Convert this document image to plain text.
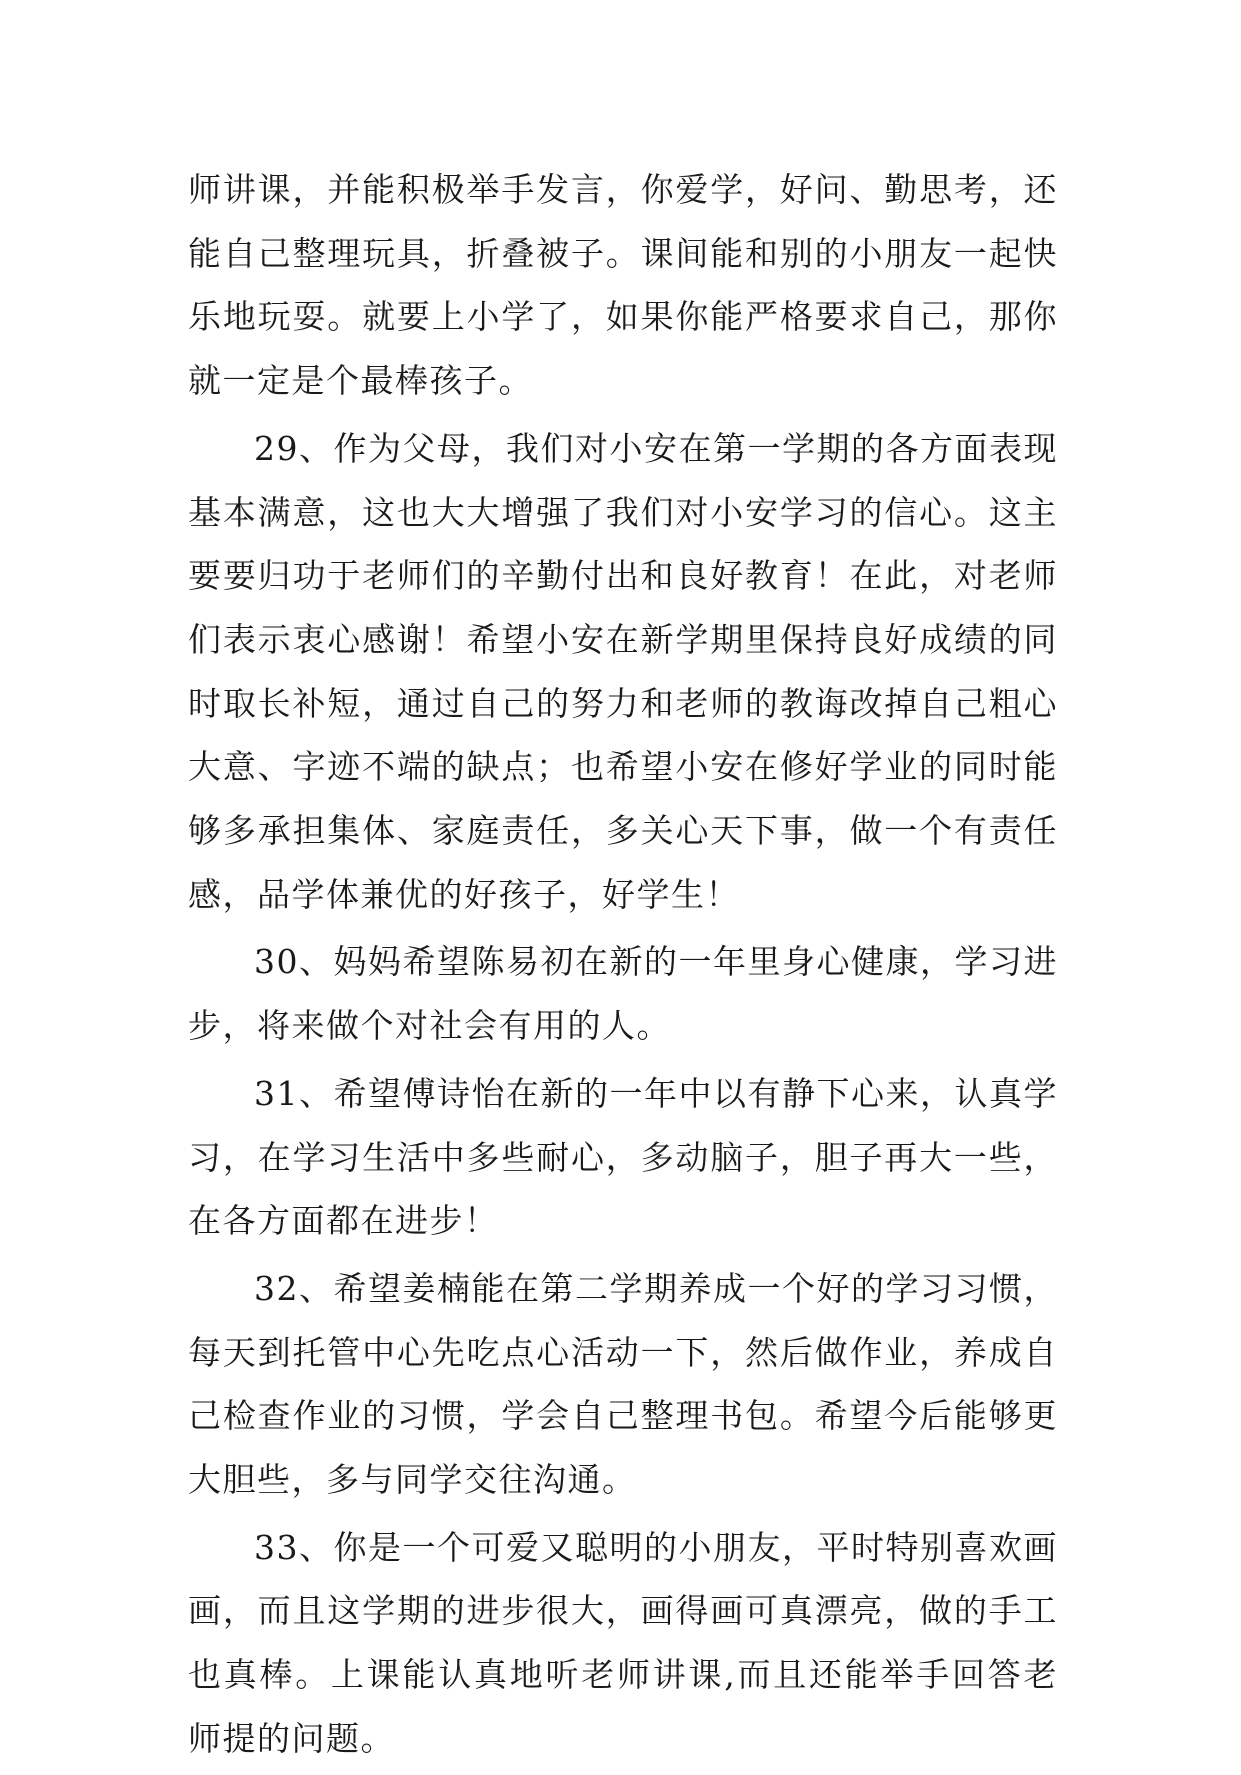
师讲课，并能积极举手发言，你爱学，好问、勤思考，还能自己整理玩具，折叠被子。课间能和别的小朋友一起快乐地玩耍。就要上小学了，如果你能严格要求自己，那你就一定是个最棒孩子。

29、作为父母，我们对小安在第一学期的各方面表现基本满意，这也大大增强了我们对小安学习的信心。这主要要归功于老师们的辛勤付出和良好教育！在此，对老师们表示衷心感谢！希望小安在新学期里保持良好成绩的同时取长补短，通过自己的努力和老师的教诲改掉自己粗心大意、字迹不端的缺点；也希望小安在修好学业的同时能够多承担集体、家庭责任，多关心天下事，做一个有责任感，品学体兼优的好孩子，好学生！

30、妈妈希望陈易初在新的一年里身心健康，学习进步，将来做个对社会有用的人。

31、希望傅诗怡在新的一年中以有静下心来，认真学习，在学习生活中多些耐心，多动脑子，胆子再大一些，在各方面都在进步！

32、希望姜楠能在第二学期养成一个好的学习习惯，每天到托管中心先吃点心活动一下，然后做作业，养成自己检查作业的习惯，学会自己整理书包。希望今后能够更大胆些，多与同学交往沟通。

33、你是一个可爱又聪明的小朋友，平时特别喜欢画画，而且这学期的进步很大，画得画可真漂亮，做的手工也真棒。上课能认真地听老师讲课,而且还能举手回答老师提的问题。
